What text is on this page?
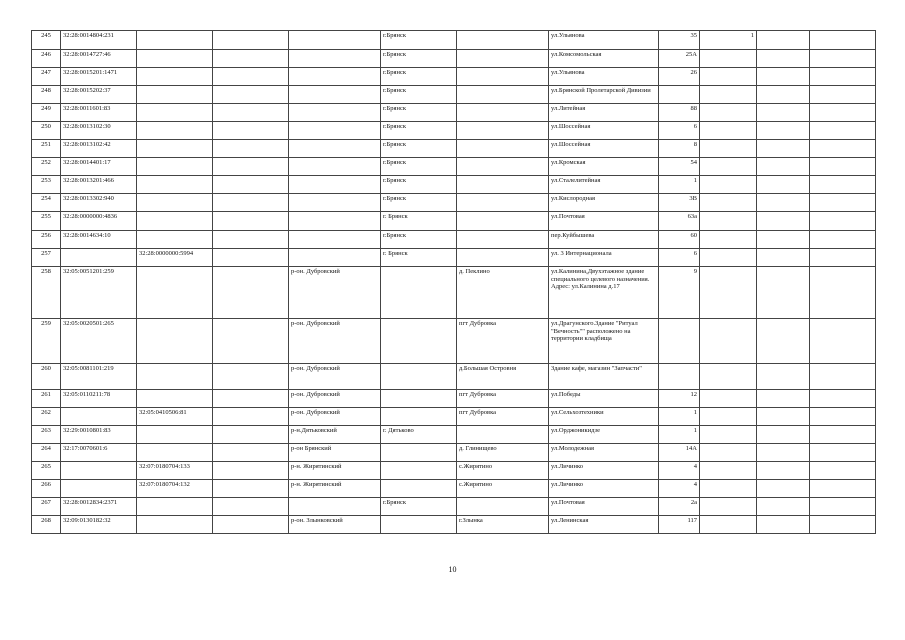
245	32:28:0014804:231				г.Брянск		ул.Ульянова	35	1		
246	32:28:0014727:46				г.Брянск		ул.Комсомольская	25А			
247	32:28:0015201:1471				г.Брянск		ул.Ульянова	26			
248	32:28:0015202:37				г.Брянск		ул.Брянской Пролетарской Дивизии				
249	32:28:0011601:83				г.Брянск		ул.Литейная	88			
250	32:28:0013102:30				г.Брянск		ул.Шоссейная	6			
251	32:28:0013102:42				г.Брянск		ул.Шоссейная	8			
252	32:28:0014401:17				г.Брянск		ул.Кромская	54			
253	32:28:0013201:466				г.Брянск		ул.Сталелитейная	1			
254	32:28:0013302:940				г.Брянск		ул.Кислородная	3В			
255	32:28:0000000:4836				г. Брянск		ул.Почтовая	63а			
256	32:28:0014634:10				г.Брянск		пер.Куйбышева	60			
257		32:28:0000000:5994			г. Брянск		ул. 3 Интернационала	6			
258	32:05:0051201:259			р-он. Дубровский		д. Пеклино	ул.Калинина,Двухэтажное здание специального целевого назначения. Адрес: ул.Калинина д.17	9			
259	32:05:0020501:265			р-он. Дубровский		пгт Дубровка	ул.Драгунского.Здание "Ритуал "Вечность"" расположено на территории кладбища				
260	32:05:0081101:219			р-он. Дубровский		д.Большая Островня	Здание кафе, магазин "Запчасти"				
261	32:05:0110211:78			р-он. Дубровский		пгт Дубровка	ул.Победы	12			
262		32:05:0410506:81		р-он. Дубровский		пгт Дубровка	ул.Сельхозтехники	1			
263	32:29:0010801:83			р-н.Дятьковский	г. Дятьково		ул.Орджоникидзе	1			
264	32:17:0070601:6			р-он Брянский		д. Глинищево	ул.Молодежная	14А			
265		32:07:0180704:133		р-н. Жирятинский		с.Жирятино	ул.Личинко	4			
266		32:07:0180704:132		р-н. Жирятинский		с.Жирятино	ул.Личинко	4			
267	32:28:0012834:2371				г.Брянск		ул.Почтовая	2а			
268	32:09:0130182:32			р-он. Злынковский		г.Злынка	ул.Ленинская	117			
10
